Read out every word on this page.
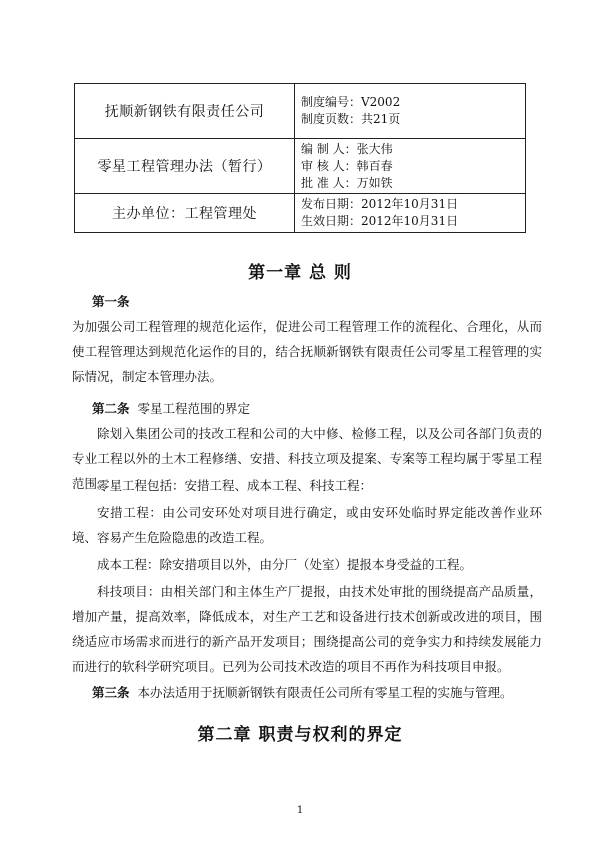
抚顺新钢铁有限责任公司	制度编号：V2002
制度页数：共21页

零星工程管理办法（暂行）	编 制 人：张大伟
审 核 人：韩百春
批 准 人：万如铁

主办单位：工程管理处	发布日期：2012年10月31日
生效日期：2012年10月31日
第一章 总 则
第一条
为加强公司工程管理的规范化运作，促进公司工程管理工作的流程化、合理化，从而使工程管理达到规范化运作的目的，结合抚顺新钢铁有限责任公司零星工程管理的实际情况，制定本管理办法。
第二条 零星工程范围的界定
除划入集团公司的技改工程和公司的大中修、检修工程，以及公司各部门负责的专业工程以外的土木工程修缮、安措、科技立项及提案、专案等工程均属于零星工程范围。
零星工程包括：安措工程、成本工程、科技工程：
安措工程：由公司安环处对项目进行确定，或由安环处临时界定能改善作业环境、容易产生危险隐患的改造工程。
成本工程：除安措项目以外，由分厂（处室）提报本身受益的工程。
科技项目：由相关部门和主体生产厂提报，由技术处审批的围绕提高产品质量，增加产量，提高效率，降低成本，对生产工艺和设备进行技术创新或改进的项目，围绕适应市场需求而进行的新产品开发项目；围绕提高公司的竞争实力和持续发展能力而进行的软科学研究项目。已列为公司技术改造的项目不再作为科技项目申报。
第三条 本办法适用于抚顺新钢铁有限责任公司所有零星工程的实施与管理。
第二章 职责与权利的界定
1
